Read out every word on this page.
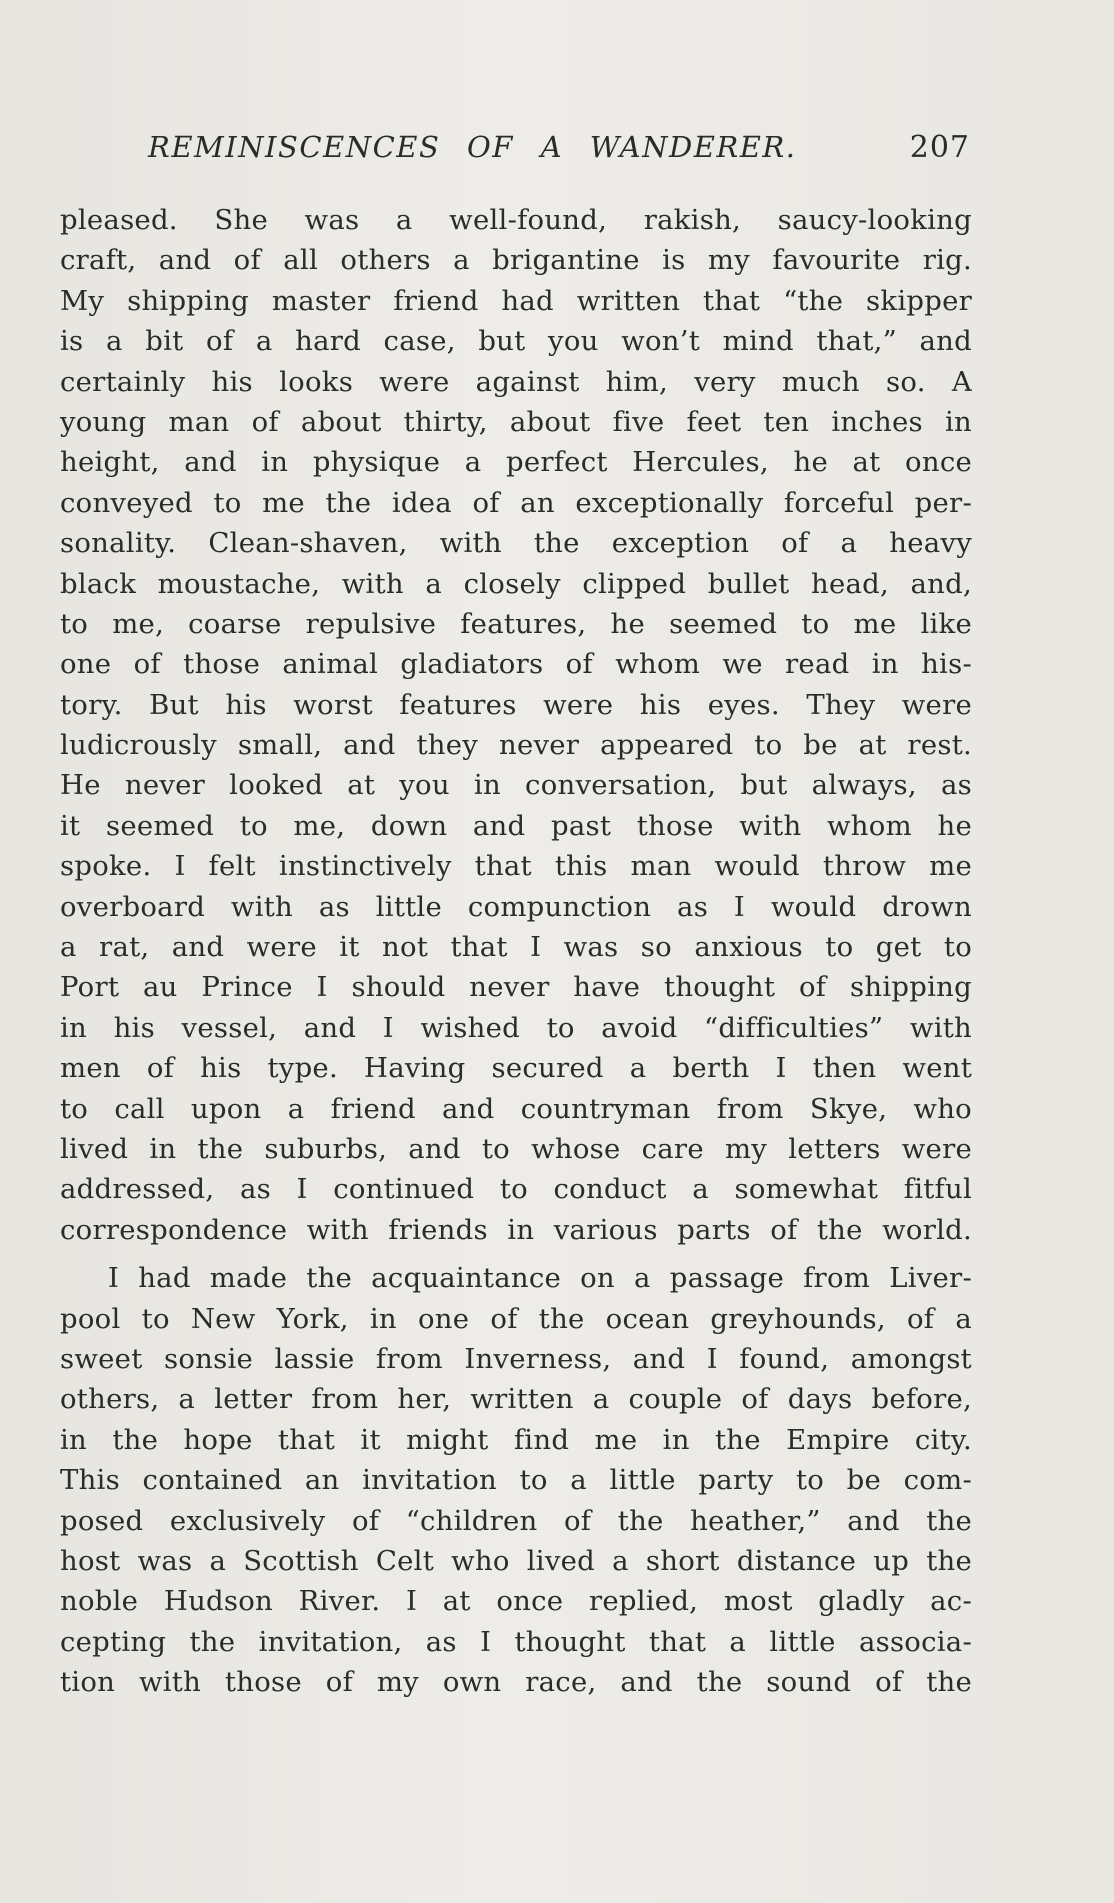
REMINISCENCES OF A WANDERER.	207
pleased. She was a well-found, rakish, saucy-looking
craft, and of all others a brigantine is my favourite rig.
My shipping master friend had written that “the skipper
is a bit of a hard case, but you won’t mind that,” and
certainly his looks were against him, very much so. A
young man of about thirty, about five feet ten inches in
height, and in physique a perfect Hercules, he at once
conveyed to me the idea of an exceptionally forceful per-
sonality. Clean-shaven, with the exception of a heavy
black moustache, with a closely clipped bullet head, and,
to me, coarse repulsive features, he seemed to me like
one of those animal gladiators of whom we read in his-
tory. But his worst features were his eyes. They were
ludicrously small, and they never appeared to be at rest.
He never looked at you in conversation, but always, as
it seemed to me, down and past those with whom he
spoke. I felt instinctively that this man would throw me
overboard with as little compunction as I would drown
a rat, and were it not that I was so anxious to get to
Port au Prince I should never have thought of shipping
in his vessel, and I wished to avoid “difficulties” with
men of his type. Having secured a berth I then went
to call upon a friend and countryman from Skye, who
lived in the suburbs, and to whose care my letters were
addressed, as I continued to conduct a somewhat fitful
correspondence with friends in various parts of the world.
I had made the acquaintance on a passage from Liver-
pool to New York, in one of the ocean greyhounds, of a
sweet sonsie lassie from Inverness, and I found, amongst
others, a letter from her, written a couple of days before,
in the hope that it might find me in the Empire city.
This contained an invitation to a little party to be com-
posed exclusively of “children of the heather,” and the
host was a Scottish Celt who lived a short distance up the
noble Hudson River. I at once replied, most gladly ac-
cepting the invitation, as I thought that a little associa-
tion with those of my own race, and the sound of the
